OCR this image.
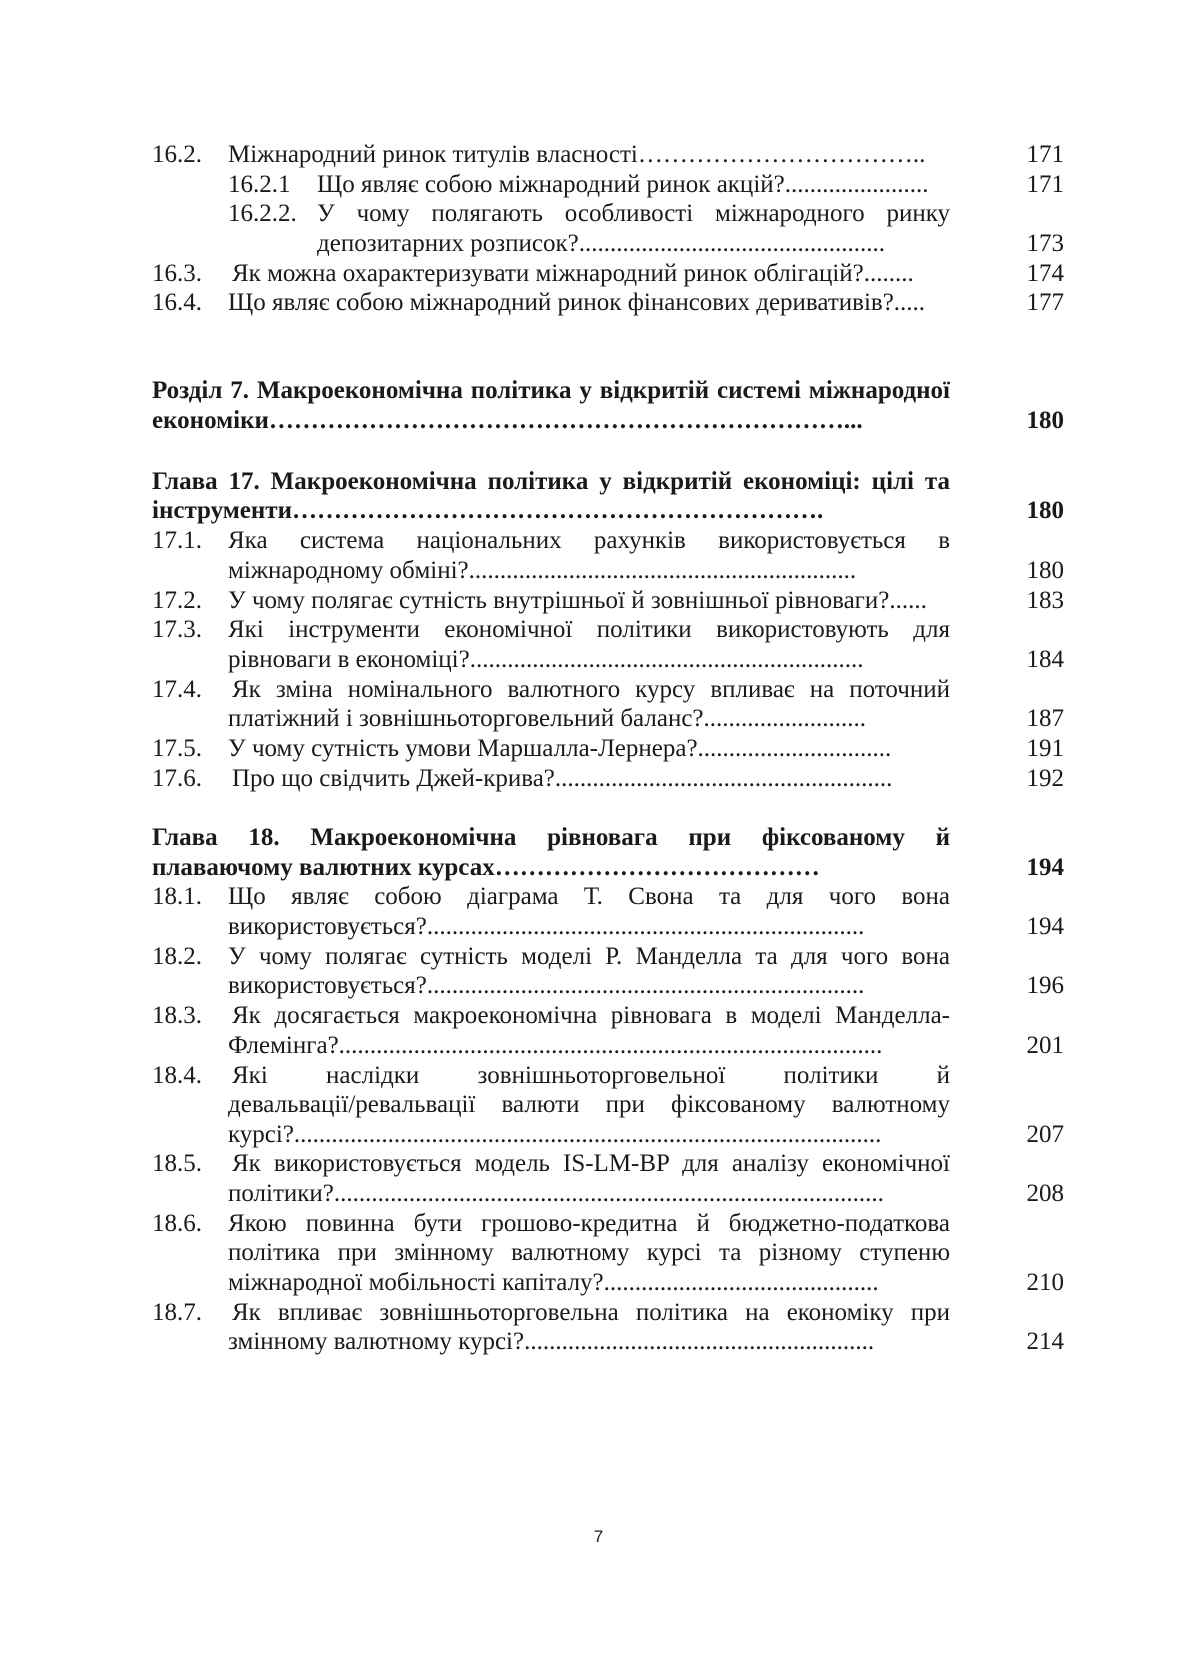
16.2. Міжнародний ринок титулів власності……………………………..	171
16.2.1 Що являє собою міжнародний ринок акцій?.......................	171
16.2.2. У чому полягають особливості міжнародного ринку
депозитарних розписок?.................................................	173
16.3. Як можна охарактеризувати міжнародний ринок облігацій?........	174
16.4. Що являє собою міжнародний ринок фінансових деривативів?.....	177
Розділ 7. Макроекономічна політика у відкритій системі міжнародної
економіки……………………………………………………………...	180
Глава 17. Макроекономічна політика у відкритій економіці: цілі та
інструменти……………………………………………………….	180
17.1. Яка система національних рахунків використовується в
міжнародному обміні?..............................................................	180
17.2. У чому полягає сутність внутрішньої й зовнішньої рівноваги?......	183
17.3. Які інструменти економічної політики використовують для
рівноваги в економіці?...............................................................	184
17.4. Як зміна номінального валютного курсу впливає на поточний
платіжний і зовнішньоторговельний баланс?..........................	187
17.5. У чому сутність умови Маршалла-Лернера?...............................	191
17.6. Про що свідчить Джей-крива?......................................................	192
Глава 18. Макроекономічна рівновага при фіксованому й
плаваючому валютних курсах…………………………………	194
18.1. Що являє собою діаграма Т. Свона та для чого вона
використовується?......................................................................	194
18.2. У чому полягає сутність моделі Р. Манделла та для чого вона
використовується?......................................................................	196
18.3. Як досягається макроекономічна рівновага в моделі Манделла-
Флемінга?.......................................................................................	201
18.4. Які наслідки зовнішньоторговельної політики й
девальвації/ревальвації валюти при фіксованому валютному
курсі?..............................................................................................	207
18.5. Як використовується модель IS-LM-BP для аналізу економічної
політики?........................................................................................	208
18.6. Якою повинна бути грошово-кредитна й бюджетно-податкова
політика при змінному валютному курсі та різному ступеню
міжнародної мобільності капіталу?............................................	210
18.7. Як впливає зовнішньоторговельна політика на економіку при
змінному валютному курсі?........................................................	214
7
